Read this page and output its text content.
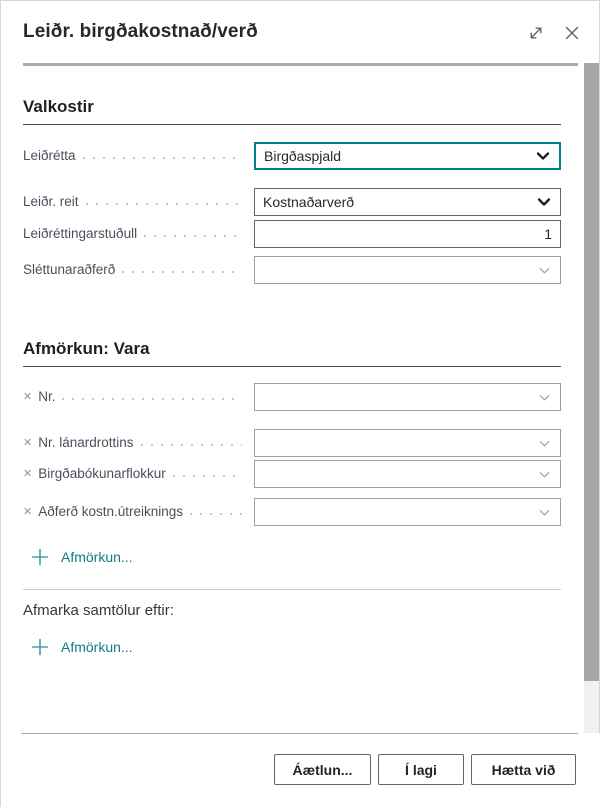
Leiðr. birgðakostnað/verð
Valkostir
Leiðrétta	Birgðaspjald
Leiðr. reit	Kostnaðarverð
Leiðréttingarstuðull	1
Sléttunaraðferð
Afmörkun: Vara
✕ Nr.
✕ Nr. lánardrottins
✕ Birgðabókunarflokkur
✕ Aðferð kostn.útreiknings
Afmörkun...
Afmarka samtölur eftir:
Afmörkun...
Áætlun...	Í lagi	Hætta við
